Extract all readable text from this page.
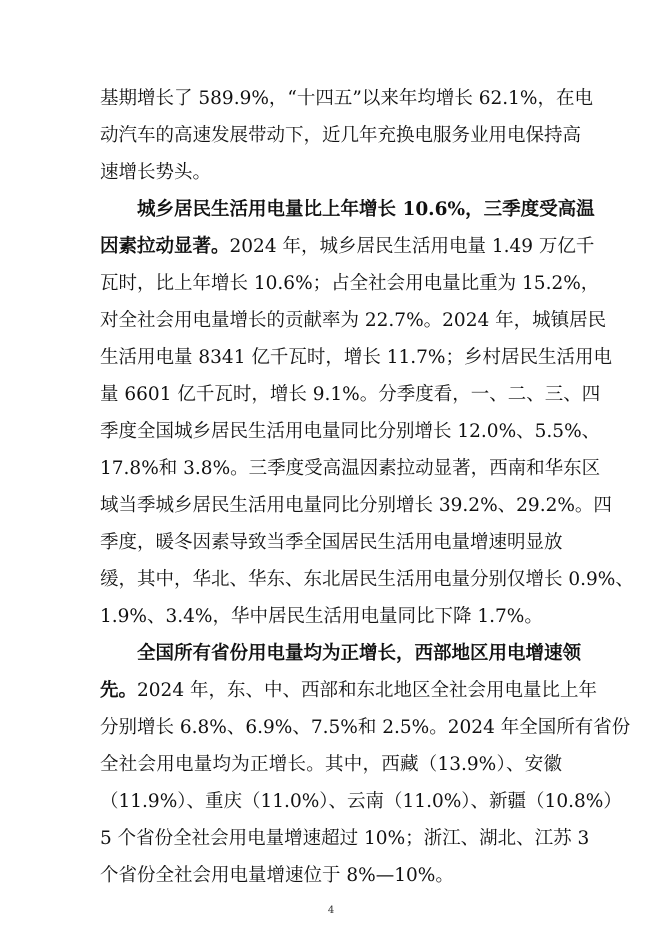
基期增长了 589.9%，“十四五”以来年均增长 62.1%，在电
动汽车的高速发展带动下，近几年充换电服务业用电保持高
速增长势头。
城乡居民生活用电量比上年增长 10.6%，三季度受高温
因素拉动显著。2024 年，城乡居民生活用电量 1.49 万亿千
瓦时，比上年增长 10.6%；占全社会用电量比重为 15.2%，
对全社会用电量增长的贡献率为 22.7%。2024 年，城镇居民
生活用电量 8341 亿千瓦时，增长 11.7%；乡村居民生活用电
量 6601 亿千瓦时，增长 9.1%。分季度看，一、二、三、四
季度全国城乡居民生活用电量同比分别增长 12.0%、5.5%、
17.8%和 3.8%。三季度受高温因素拉动显著，西南和华东区
域当季城乡居民生活用电量同比分别增长 39.2%、29.2%。四
季度，暖冬因素导致当季全国居民生活用电量增速明显放
缓，其中，华北、华东、东北居民生活用电量分别仅增长 0.9%、
1.9%、3.4%，华中居民生活用电量同比下降 1.7%。
全国所有省份用电量均为正增长，西部地区用电增速领
先。2024 年，东、中、西部和东北地区全社会用电量比上年
分别增长 6.8%、6.9%、7.5%和 2.5%。2024 年全国所有省份
全社会用电量均为正增长。其中，西藏（13.9%）、安徽
（11.9%）、重庆（11.0%）、云南（11.0%）、新疆（10.8%）
5 个省份全社会用电量增速超过 10%；浙江、湖北、江苏 3
个省份全社会用电量增速位于 8%—10%。
4
